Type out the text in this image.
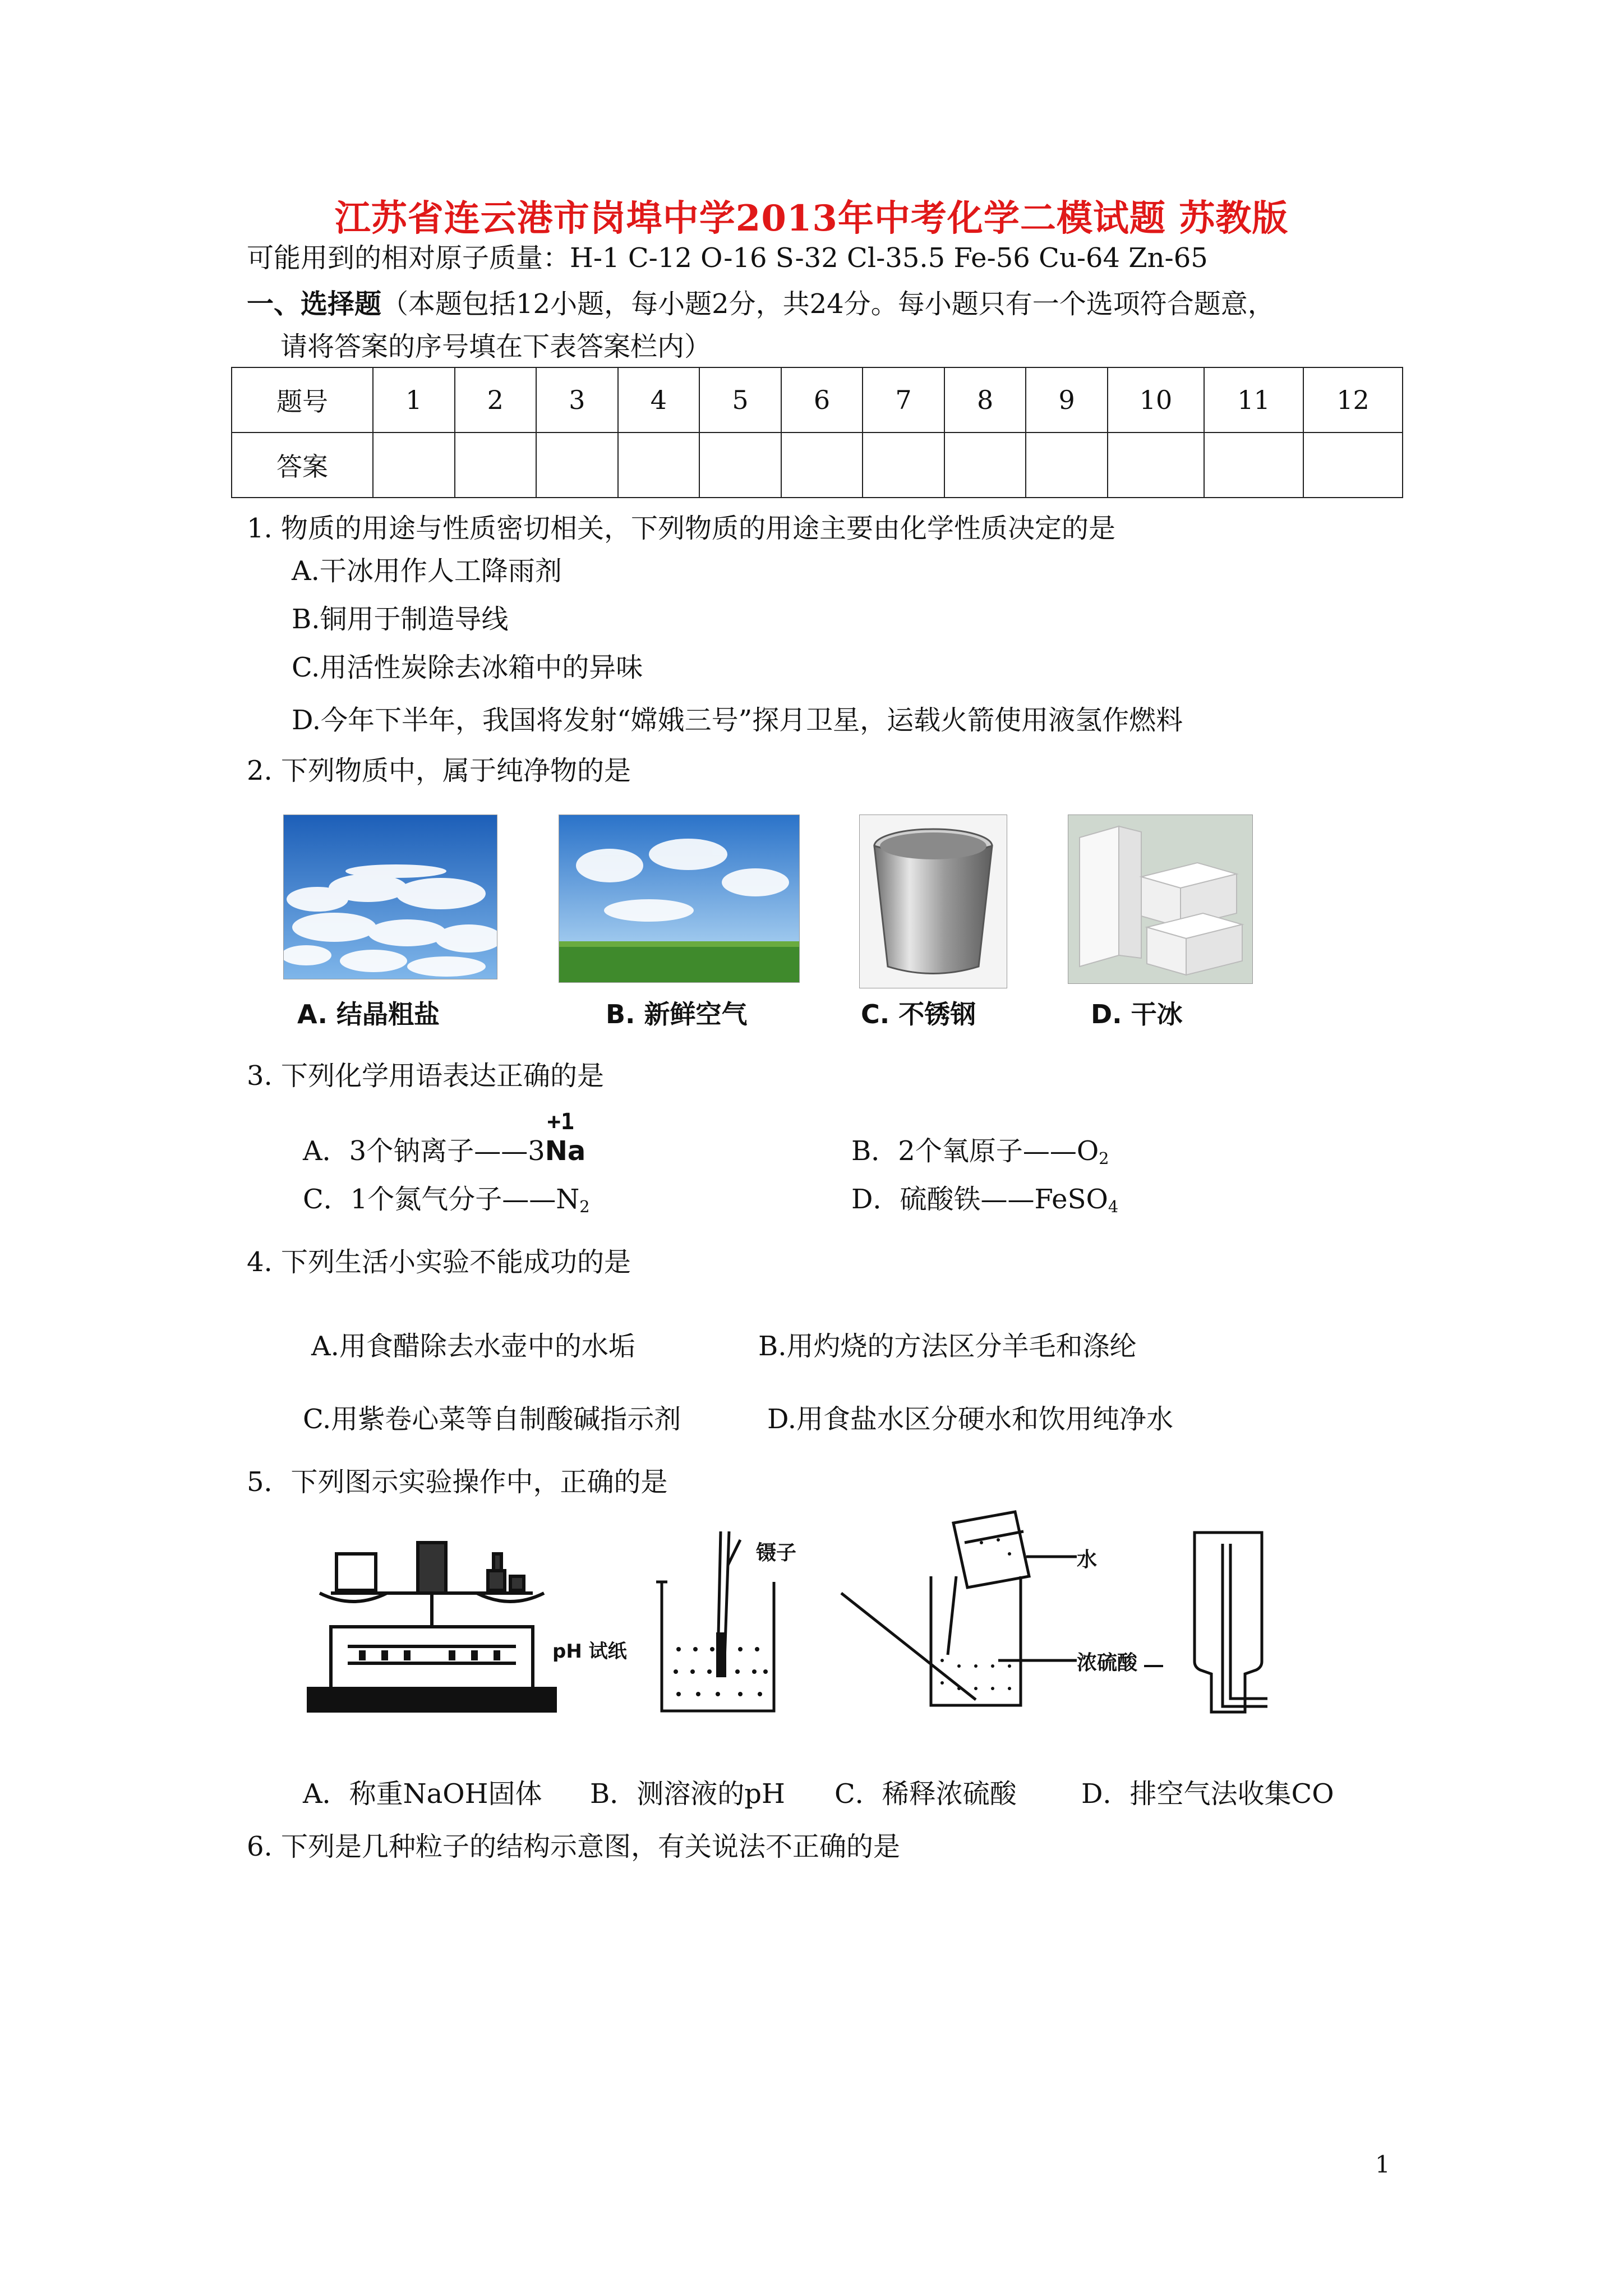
江苏省连云港市岗埠中学2013年中考化学二模试题 苏教版
可能用到的相对原子质量：H-1 C-12 O-16 S-32 Cl-35.5 Fe-56 Cu-64 Zn-65
一、选择题（本题包括12小题，每小题2分，共24分。每小题只有一个选项符合题意，
请将答案的序号填在下表答案栏内）
题号	1	2	3	4	5	6	7	8	9	10	11	12
答案												
1. 物质的用途与性质密切相关，下列物质的用途主要由化学性质决定的是
A.干冰用作人工降雨剂
B.铜用于制造导线
C.用活性炭除去冰箱中的异味
D.今年下半年，我国将发射“嫦娥三号”探月卫星，运载火箭使用液氢作燃料
2. 下列物质中，属于纯净物的是
A. 结晶粗盐	B. 新鲜空气	C. 不锈钢	D. 干冰
3. 下列化学用语表达正确的是
A．3个钠离子——3
+1
Na	B．2个氧原子$——O_2$
C．1个氮气分子$——N_2$	D．硫酸铁——FeSO$_4$
4. 下列生活小实验不能成功的是
A.用食醋除去水壶中的水垢	B.用灼烧的方法区分羊毛和涤纶
C.用紫卷心菜等自制酸碱指示剂	D.用食盐水区分硬水和饮用纯净水
5．下列图示实验操作中，正确的是
镊子
pH 试纸
水
浓硫酸
A．称重NaOH固体 B．测溶液的pH C．稀释浓硫酸 D．排空气法收集CO
6. 下列是几种粒子的结构示意图，有关说法不正确的是
1
